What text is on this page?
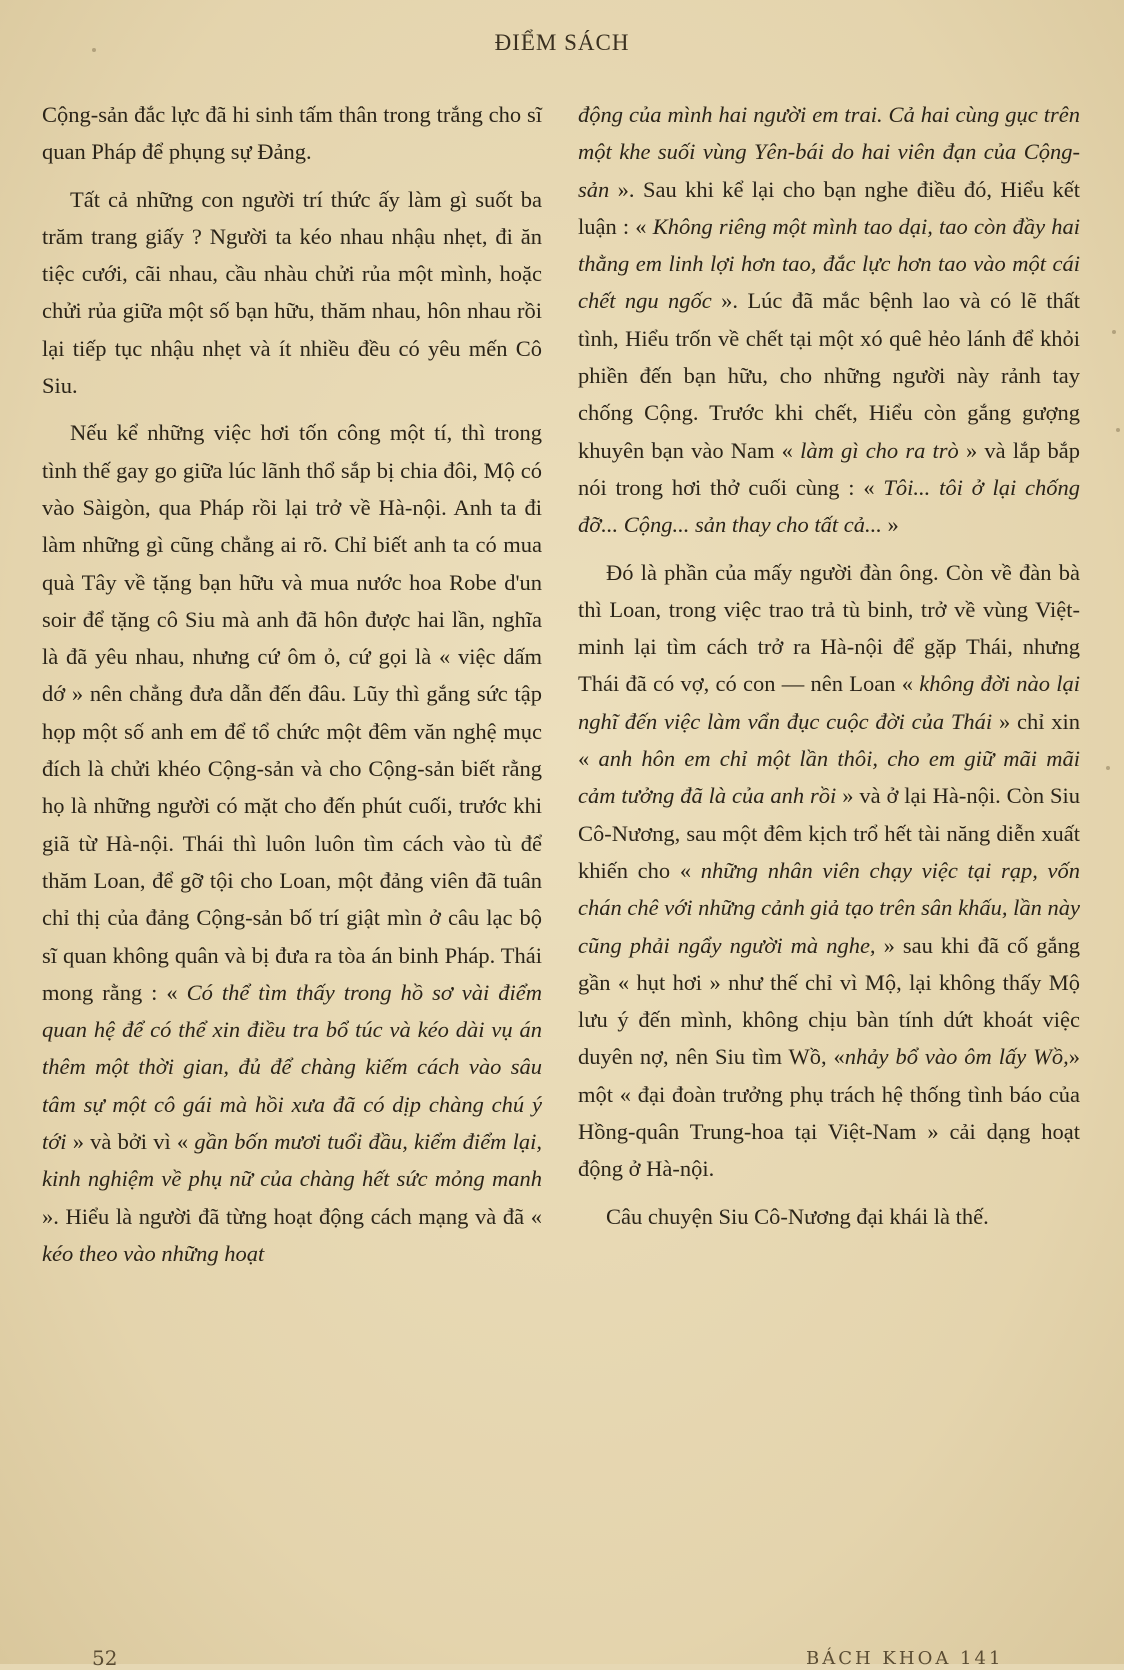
ĐIỂM SÁCH

Cộng-sản đắc lực đã hi sinh tấm thân trong trắng cho sĩ quan Pháp để phụng sự Đảng.

Tất cả những con người trí thức ấy làm gì suốt ba trăm trang giấy ? Người ta kéo nhau nhậu nhẹt, đi ăn tiệc cưới, cãi nhau, cầu nhàu chửi rủa một mình, hoặc chửi rủa giữa một số bạn hữu, thăm nhau, hôn nhau rồi lại tiếp tục nhậu nhẹt và ít nhiều đều có yêu mến Cô Siu.

Nếu kể những việc hơi tốn công một tí, thì trong tình thế gay go giữa lúc lãnh thổ sắp bị chia đôi, Mộ có vào Sàigòn, qua Pháp rồi lại trở về Hà-nội. Anh ta đi làm những gì cũng chẳng ai rõ. Chỉ biết anh ta có mua quà Tây về tặng bạn hữu và mua nước hoa Robe d'un soir để tặng cô Siu mà anh đã hôn được hai lần, nghĩa là đã yêu nhau, nhưng cứ ôm ỏ, cứ gọi là « việc dấm dớ » nên chẳng đưa dẫn đến đâu. Lũy thì gắng sức tập họp một số anh em để tổ chức một đêm văn nghệ mục đích là chửi khéo Cộng-sản và cho Cộng-sản biết rằng họ là những người có mặt cho đến phút cuối, trước khi giã từ Hà-nội. Thái thì luôn luôn tìm cách vào tù để thăm Loan, để gỡ tội cho Loan, một đảng viên đã tuân chỉ thị của đảng Cộng-sản bố trí giật mìn ở câu lạc bộ sĩ quan không quân và bị đưa ra tòa án binh Pháp. Thái mong rằng : « Có thể tìm thấy trong hồ sơ vài điểm quan hệ để có thể xin điều tra bổ túc và kéo dài vụ án thêm một thời gian, đủ để chàng kiếm cách vào sâu tâm sự một cô gái mà hồi xưa đã có dịp chàng chú ý tới » và bởi vì « gần bốn mươi tuổi đầu, kiểm điểm lại, kinh nghiệm về phụ nữ của chàng hết sức mỏng manh ». Hiểu là người đã từng hoạt động cách mạng và đã « kéo theo vào những hoạt

động của mình hai người em trai. Cả hai cùng gục trên một khe suối vùng Yên-bái do hai viên đạn của Cộng-sản ». Sau khi kể lại cho bạn nghe điều đó, Hiểu kết luận : « Không riêng một mình tao dại, tao còn đầy hai thằng em linh lợi hơn tao, đắc lực hơn tao vào một cái chết ngu ngốc ». Lúc đã mắc bệnh lao và có lẽ thất tình, Hiểu trốn về chết tại một xó quê hẻo lánh để khỏi phiền đến bạn hữu, cho những người này rảnh tay chống Cộng. Trước khi chết, Hiểu còn gắng gượng khuyên bạn vào Nam « làm gì cho ra trò » và lắp bắp nói trong hơi thở cuối cùng : « Tôi... tôi ở lại chống đỡ... Cộng... sản thay cho tất cả... »

Đó là phần của mấy người đàn ông. Còn về đàn bà thì Loan, trong việc trao trả tù binh, trở về vùng Việt-minh lại tìm cách trở ra Hà-nội để gặp Thái, nhưng Thái đã có vợ, có con — nên Loan « không đời nào lại nghĩ đến việc làm vẩn đục cuộc đời của Thái » chỉ xin « anh hôn em chỉ một lần thôi, cho em giữ mãi mãi cảm tưởng đã là của anh rồi » và ở lại Hà-nội. Còn Siu Cô-Nương, sau một đêm kịch trổ hết tài năng diễn xuất khiến cho « những nhân viên chạy việc tại rạp, vốn chán chê với những cảnh giả tạo trên sân khấu, lần này cũng phải ngẩy người mà nghe, » sau khi đã cố gắng gần « hụt hơi » như thế chỉ vì Mộ, lại không thấy Mộ lưu ý đến mình, không chịu bàn tính dứt khoát việc duyên nợ, nên Siu tìm Wồ, «nhảy bổ vào ôm lấy Wồ,» một « đại đoàn trưởng phụ trách hệ thống tình báo của Hồng-quân Trung-hoa tại Việt-Nam » cải dạng hoạt động ở Hà-nội.

Câu chuyện Siu Cô-Nương đại khái là thế.

52	BÁCH KHOA 141
